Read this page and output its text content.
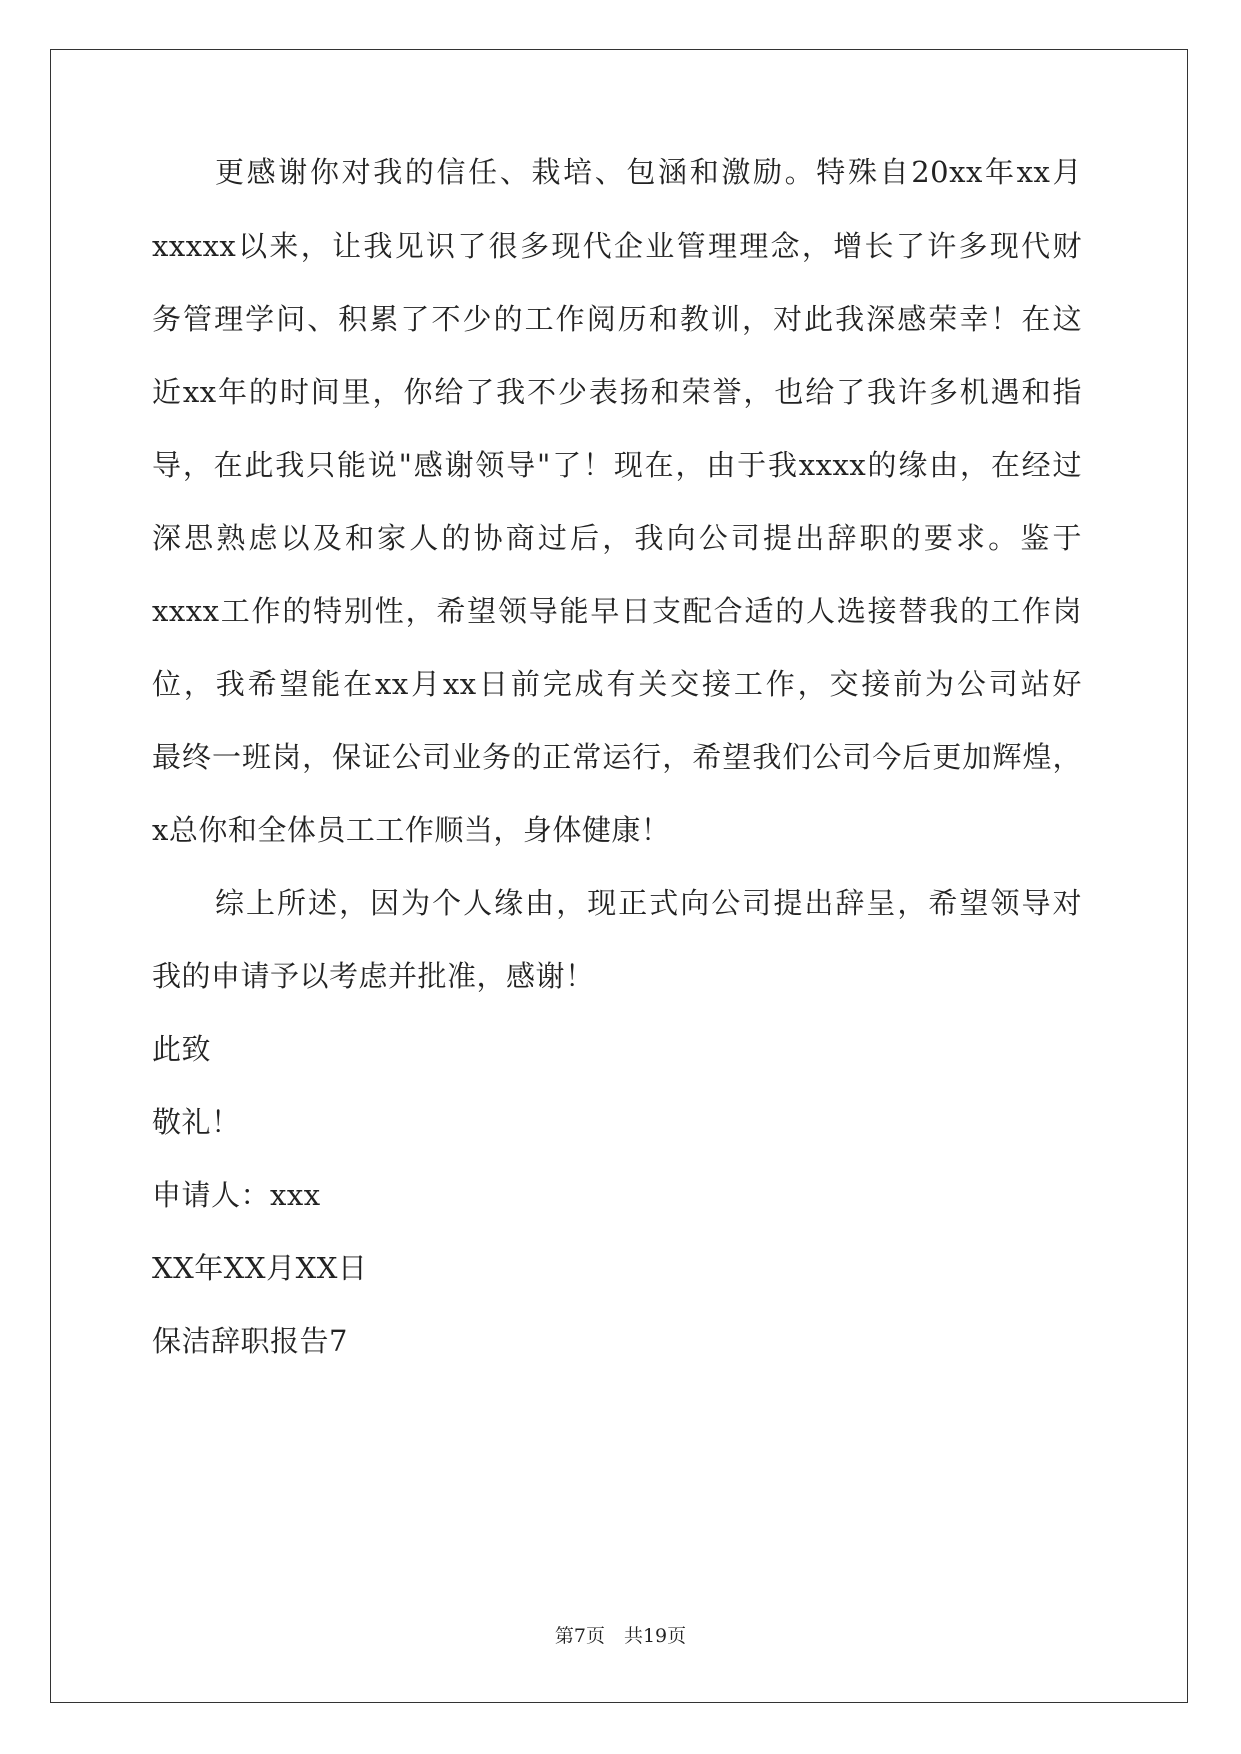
更感谢你对我的信任、栽培、包涵和激励。特殊自20xx年xx月
xxxxx以来，让我见识了很多现代企业管理理念，增长了许多现代财
务管理学问、积累了不少的工作阅历和教训，对此我深感荣幸！在这
近xx年的时间里，你给了我不少表扬和荣誉，也给了我许多机遇和指
导，在此我只能说"感谢领导"了！现在，由于我xxxx的缘由，在经过
深思熟虑以及和家人的协商过后，我向公司提出辞职的要求。鉴于
xxxx工作的特别性，希望领导能早日支配合适的人选接替我的工作岗
位，我希望能在xx月xx日前完成有关交接工作，交接前为公司站好
最终一班岗，保证公司业务的正常运行，希望我们公司今后更加辉煌，
x总你和全体员工工作顺当，身体健康！
综上所述，因为个人缘由，现正式向公司提出辞呈，希望领导对
我的申请予以考虑并批准，感谢！
此致
敬礼！
申请人：xxx
XX年XX月XX日
保洁辞职报告7
第7页　共19页
